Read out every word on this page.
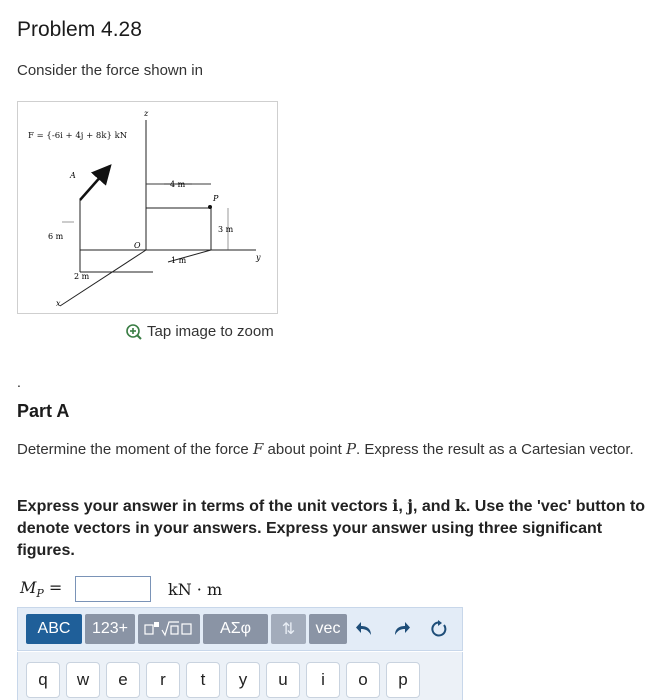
Problem 4.28
Consider the force shown in
F = {-6i + 4j + 8k} kN
z
y
x
A
6 m
2 m
P
4 m
3 m
O
1 m
Tap image to zoom
.
Part A
Determine the moment of the force F about point P. Express the result as a Cartesian vector.
Express your answer in terms of the unit vectors i, j, and k. Use the 'vec' button to denote vectors in your answers. Express your answer using three significant figures.
$M_P$ =	kN · m
ABC	123+	ΑΣφ	⇅	vec
q	w	e	r	t	y	u	i	o	p
